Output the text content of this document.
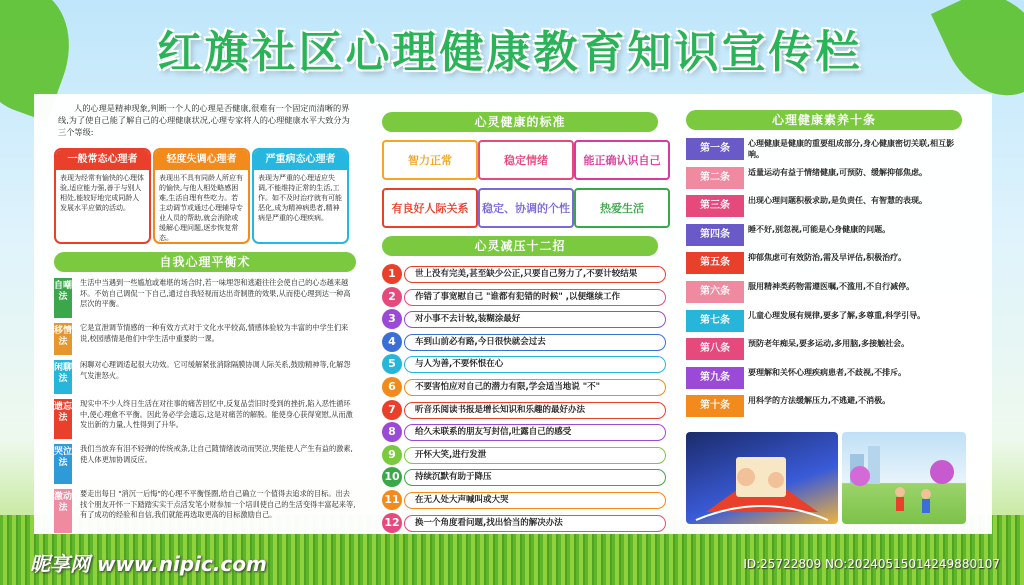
红旗社区心理健康教育知识宣传栏
人的心理是精神现象,判断一个人的心理是否健康,很难有一个固定而清晰的界线,为了使自己能了解自己的心理健康状况,心理专家将人的心理健康水平大致分为三个等级:
一般常态心理者
表现为经常有愉快的心理体验,适应能力强,善于与别人相处,能较好地完成同龄人发展水平应做的活动。
轻度失调心理者
表现出不具有同龄人所应有的愉快,与他人相处略感困难,生活自理有些吃力。若主动调节或通过心理辅导专业人员的帮助,就会消除或缓解心理问题,逐步恢复常态。
严重病态心理者
表现为严重的心理适应失调,不能维持正常的生活,工作。如不及时治疗就有可能恶化,成为精神病患者,精神病是严重的心理疾病。
自我心理平衡术
自嘲法
生活中当遇到一些尴尬或难堪的场合时,若一味埋怨和逃避往往会使自己的心态越来越坏。不妨自己调侃一下自己,通过自我轻视而达出奇制胜的效果,从而使心理到达一种高层次的平衡。
移情法
它是宣泄调节情感的一种有效方式对于文化水平较高,情感体验较为丰富的中学生们来说,校园感情是他们中学生活中重要的一课。
闲聊法
闲聊对心理调适起很大功效。它可缓解紧张消除隔膜协调人际关系,鼓励精神等,化解怨气发泄怒火。
遗忘法
现实中不少人终日生活在对往事的痛苦回忆中,反复品尝旧时受到的挫折,陷入恶性循环中,使心理愈不平衡。因此务必学会遗忘,这是对痛苦的解脱。能使身心获得宽慰,从而激发出新的力量,人性得到了升华。
哭泣法
我们当放弃有泪不轻弹的传统戒条,让自己随情绪波动而哭泣,哭能使人产生有益的激素,使人体更加协调反应。
激动法
要走出每日 "消沉一后悔"的心理不平衡怪圈,给自己确立一个值得去追求的目标。出去找个朋友开怀一下踏踏实实干点活发笔小财参加一个培训使自己的生活变得丰富起来等,有了成功的经验和自信,我们就能再选取更高的目标激励自己。
心灵健康的标准
智力正常	稳定情绪	能正确认识自己
有良好人际关系	稳定、协调的个性	热爱生活
心灵减压十二招
1	世上没有完美,甚至缺少公正,只要自己努力了,不要计较结果
2	作错了事宽慰自己 "谁都有犯错的时候" ,以便继续工作
3	对小事不去计较,装糊涂最好
4	车到山前必有路,今日很快就会过去
5	与人为善,不要怀恨在心
6	不要害怕应对自己的潜力有限,学会适当地说 "不"
7	听音乐阅读书报是增长知识和乐趣的最好办法
8	给久未联系的朋友写封信,吐露自己的感受
9	开怀大笑,进行发泄
10	持续沉默有助于降压
11	在无人处大声喊叫或大哭
12	换一个角度看问题,找出恰当的解决办法
心理健康素养十条
第一条	心理健康是健康的重要组成部分,身心健康密切关联,相互影响。
第二条	适量运动有益于情绪健康,可预防、缓解抑郁焦虑。
第三条	出现心理问题积极求助,是负责任、有智慧的表现。
第四条	睡不好,别忽视,可能是心身健康的问题。
第五条	抑郁焦虑可有效防治,需及早评估,积极治疗。
第六条	服用精神类药物需遵医嘱,不滥用,不自行减停。
第七条	儿童心理发展有规律,要多了解,多尊重,科学引导。
第八条	预防老年痴呆,要多运动,多用脑,多接触社会。
第九条	要理解和关怀心理疾病患者,不歧视,不排斥。
第十条	用科学的方法缓解压力,不逃避,不消极。
昵享网 www.nipic.com	ID:25722809 NO:20240515014249880107
